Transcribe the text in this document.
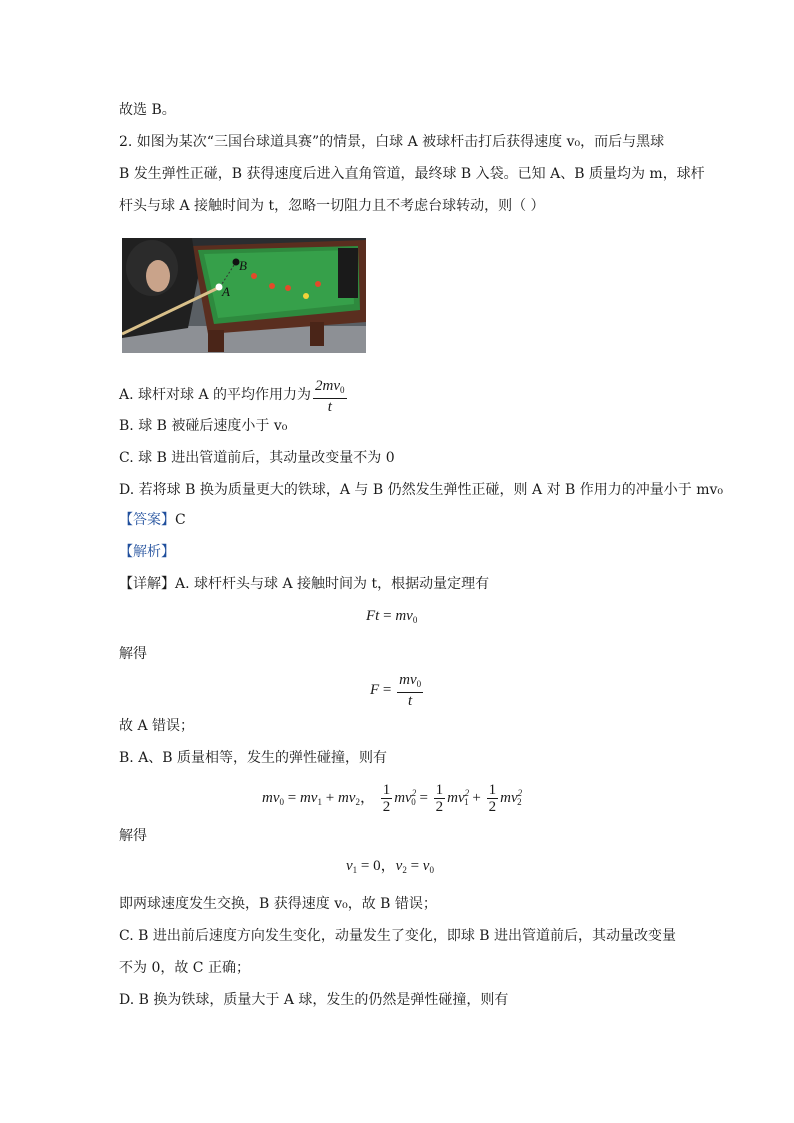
故选 B。
2. 如图为某次“三国台球道具赛”的情景，白球 A 被球杆击打后获得速度 v₀，而后与黑球
B 发生弹性正碰，B 获得速度后进入直角管道，最终球 B 入袋。已知 A、B 质量均为 m，球杆
杆头与球 A 接触时间为 t，忽略一切阻力且不考虑台球转动，则（ ）
B
A
A. 球杆对球 A 的平均作用力为 $\frac{2mv_0}{t}$
B. 球 B 被碰后速度小于 v₀
C. 球 B 进出管道前后，其动量改变量不为 0
D. 若将球 B 换为质量更大的铁球，A 与 B 仍然发生弹性正碰，则 A 对 B 作用力的冲量小于 mv₀
【答案】C
【解析】
【详解】A. 球杆杆头与球 A 接触时间为 t，根据动量定理有
$Ft = mv_0$
解得
$F = \frac{mv_0}{t}$
故 A 错误；
B. A、B 质量相等，发生的弹性碰撞，则有
$mv_0 = mv_1 + mv_2$， $\frac{1}{2} mv^2_0 = \frac{1}{2} mv^2_1 + \frac{1}{2} mv^2_2$
解得
$v_1 = 0$，$v_2 = v_0$
即两球速度发生交换，B 获得速度 v₀，故 B 错误；
C. B 进出前后速度方向发生变化，动量发生了变化，即球 B 进出管道前后，其动量改变量
不为 0，故 C 正确；
D. B 换为铁球，质量大于 A 球，发生的仍然是弹性碰撞，则有
